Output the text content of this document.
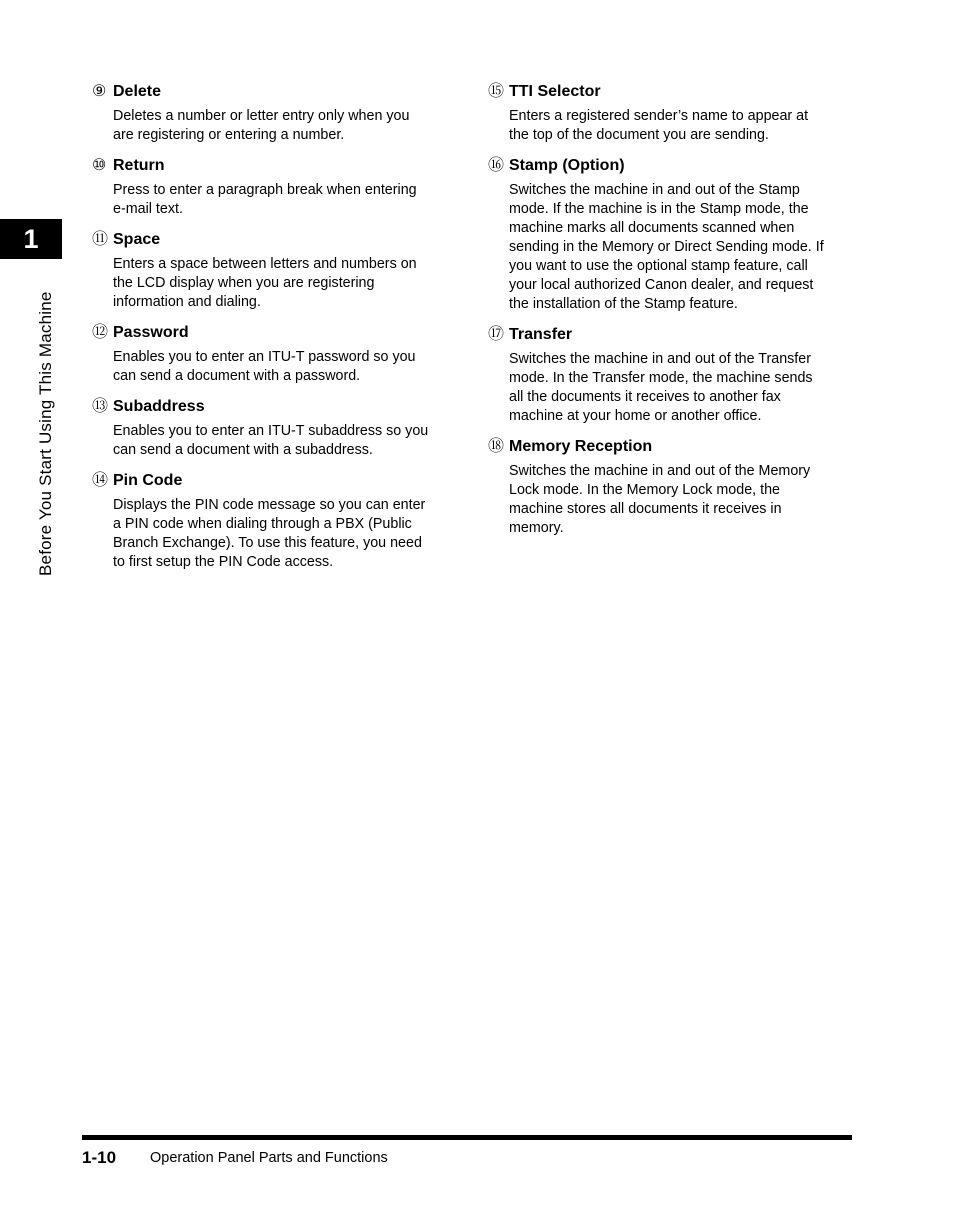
1
Before You Start Using This Machine
⑨ Delete
Deletes a number or letter entry only when you
are registering or entering a number.
⑩ Return
Press to enter a paragraph break when entering
e-mail text.
⑪ Space
Enters a space between letters and numbers on
the LCD display when you are registering
information and dialing.
⑫ Password
Enables you to enter an ITU-T password so you
can send a document with a password.
⑬ Subaddress
Enables you to enter an ITU-T subaddress so you
can send a document with a subaddress.
⑭ Pin Code
Displays the PIN code message so you can enter
a PIN code when dialing through a PBX (Public
Branch Exchange). To use this feature, you need
to first setup the PIN Code access.
⑮ TTI Selector
Enters a registered sender’s name to appear at
the top of the document you are sending.
⑯ Stamp (Option)
Switches the machine in and out of the Stamp
mode. If the machine is in the Stamp mode, the
machine marks all documents scanned when
sending in the Memory or Direct Sending mode. If
you want to use the optional stamp feature, call
your local authorized Canon dealer, and request
the installation of the Stamp feature.
⑰ Transfer
Switches the machine in and out of the Transfer
mode. In the Transfer mode, the machine sends
all the documents it receives to another fax
machine at your home or another office.
⑱ Memory Reception
Switches the machine in and out of the Memory
Lock mode. In the Memory Lock mode, the
machine stores all documents it receives in
memory.
1-10 Operation Panel Parts and Functions
